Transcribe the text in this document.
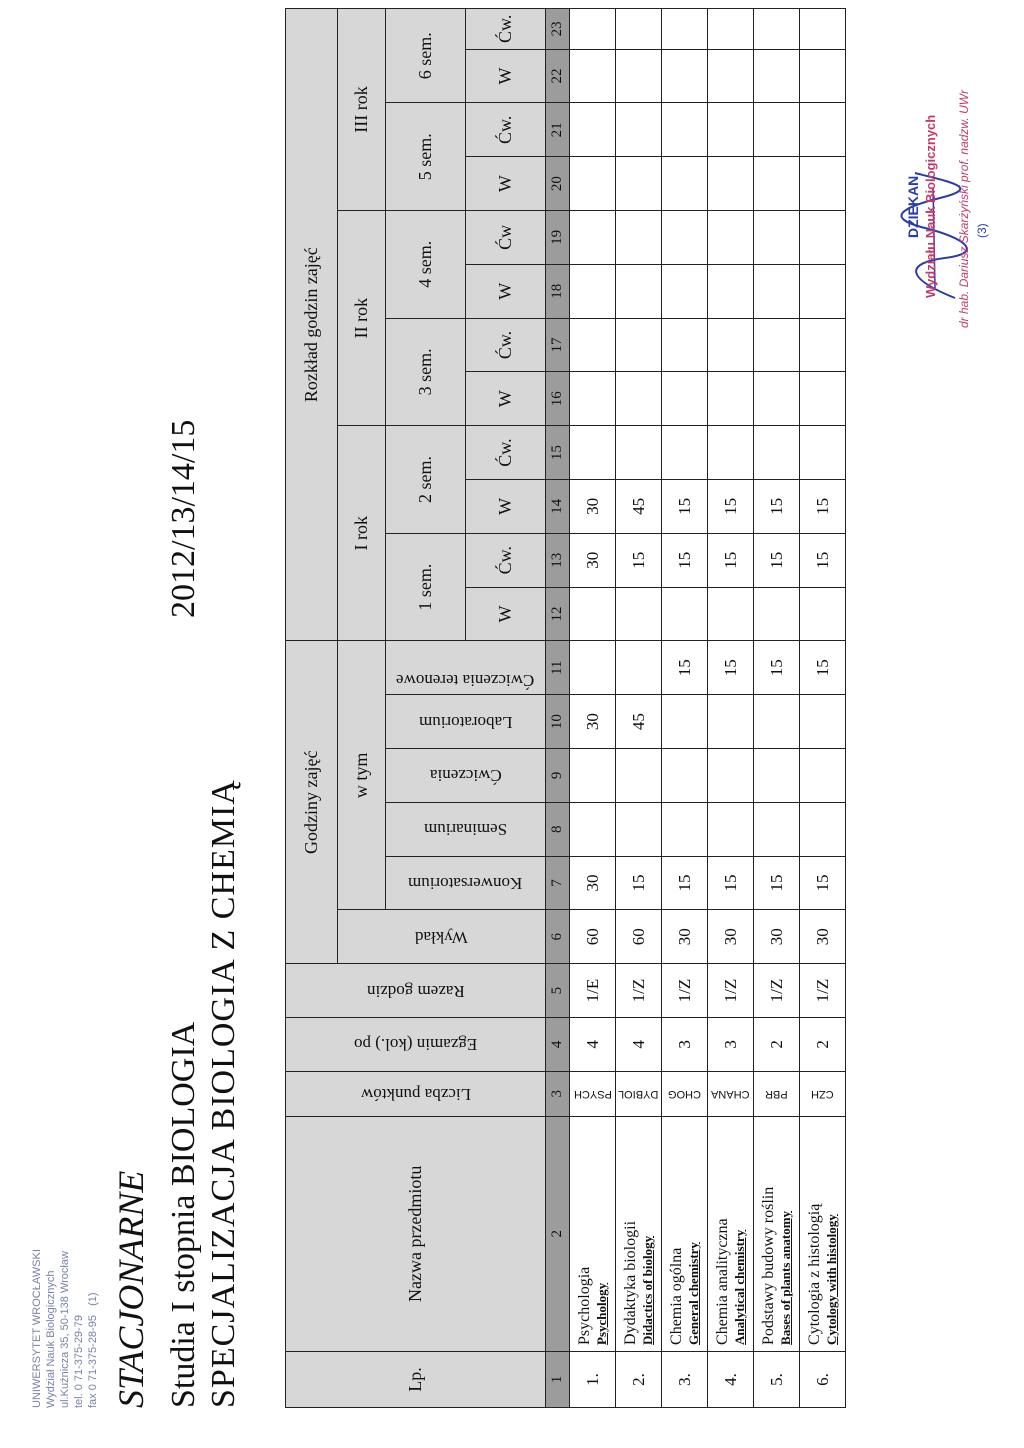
UNIWERSYTET WROCŁAWSKI Wydział Nauk Biologicznych ul.Kuźnicza 35, 50-138 Wrocław tel. 0 71-375-29-79 fax 0 71-375-28-95   (1) STACJONARNE Studia I stopnia BIOLOGIA
2012/13/14/15
SPECJALIZACJA BIOLOGIA Z CHEMIĄ	Lp.	Nazwa przedmiotu	Liczba punktów	Egzamin (kol.) po	Razem godzin	Godziny zajęć						Rozkład godzin zajęć											

					Wykład	w tym					I rok				II rok				III rok			

						Konwersatorium	Seminarium	Ćwiczenia	Laboratorium	Ćwiczenia terenowe	1 sem.		2 sem.		3 sem.		4 sem.		5 sem.		6 sem.	
											W	Ćw.	W	Ćw.	W	Ćw.	W	Ćw	W	Ćw.	W	Ćw.
1	2	3	4	5	6	7	8	9	10	11	12	13	14	15	16	17	18	19	20	21	22	23
1.	Psychologia Psychology	PSYCH	4	1/E	60	30			30			30	30									
2.	Dydaktyka biologii Didactics of biology	DYBIOL	4	1/Z	60	15			45			15	45									
3.	Chemia ogólna General chemistry	CHOG	3	1/Z	30	15				15		15	15									
4.	Chemia analityczna Analytical chemistry	CHANA	3	1/Z	30	15				15		15	15									
5.	Podstawy budowy roślin Bases of plants anatomy	PBR	2	1/Z	30	15				15		15	15									
6.	Cytologia z histologią Cytology with histology	CZH	2	1/Z	30	15				15		15	15									
DZIEKAN Wydziału Nauk Biologicznych dr hab. Dariusz Skarżyński prof. nadzw. UWr (3)
